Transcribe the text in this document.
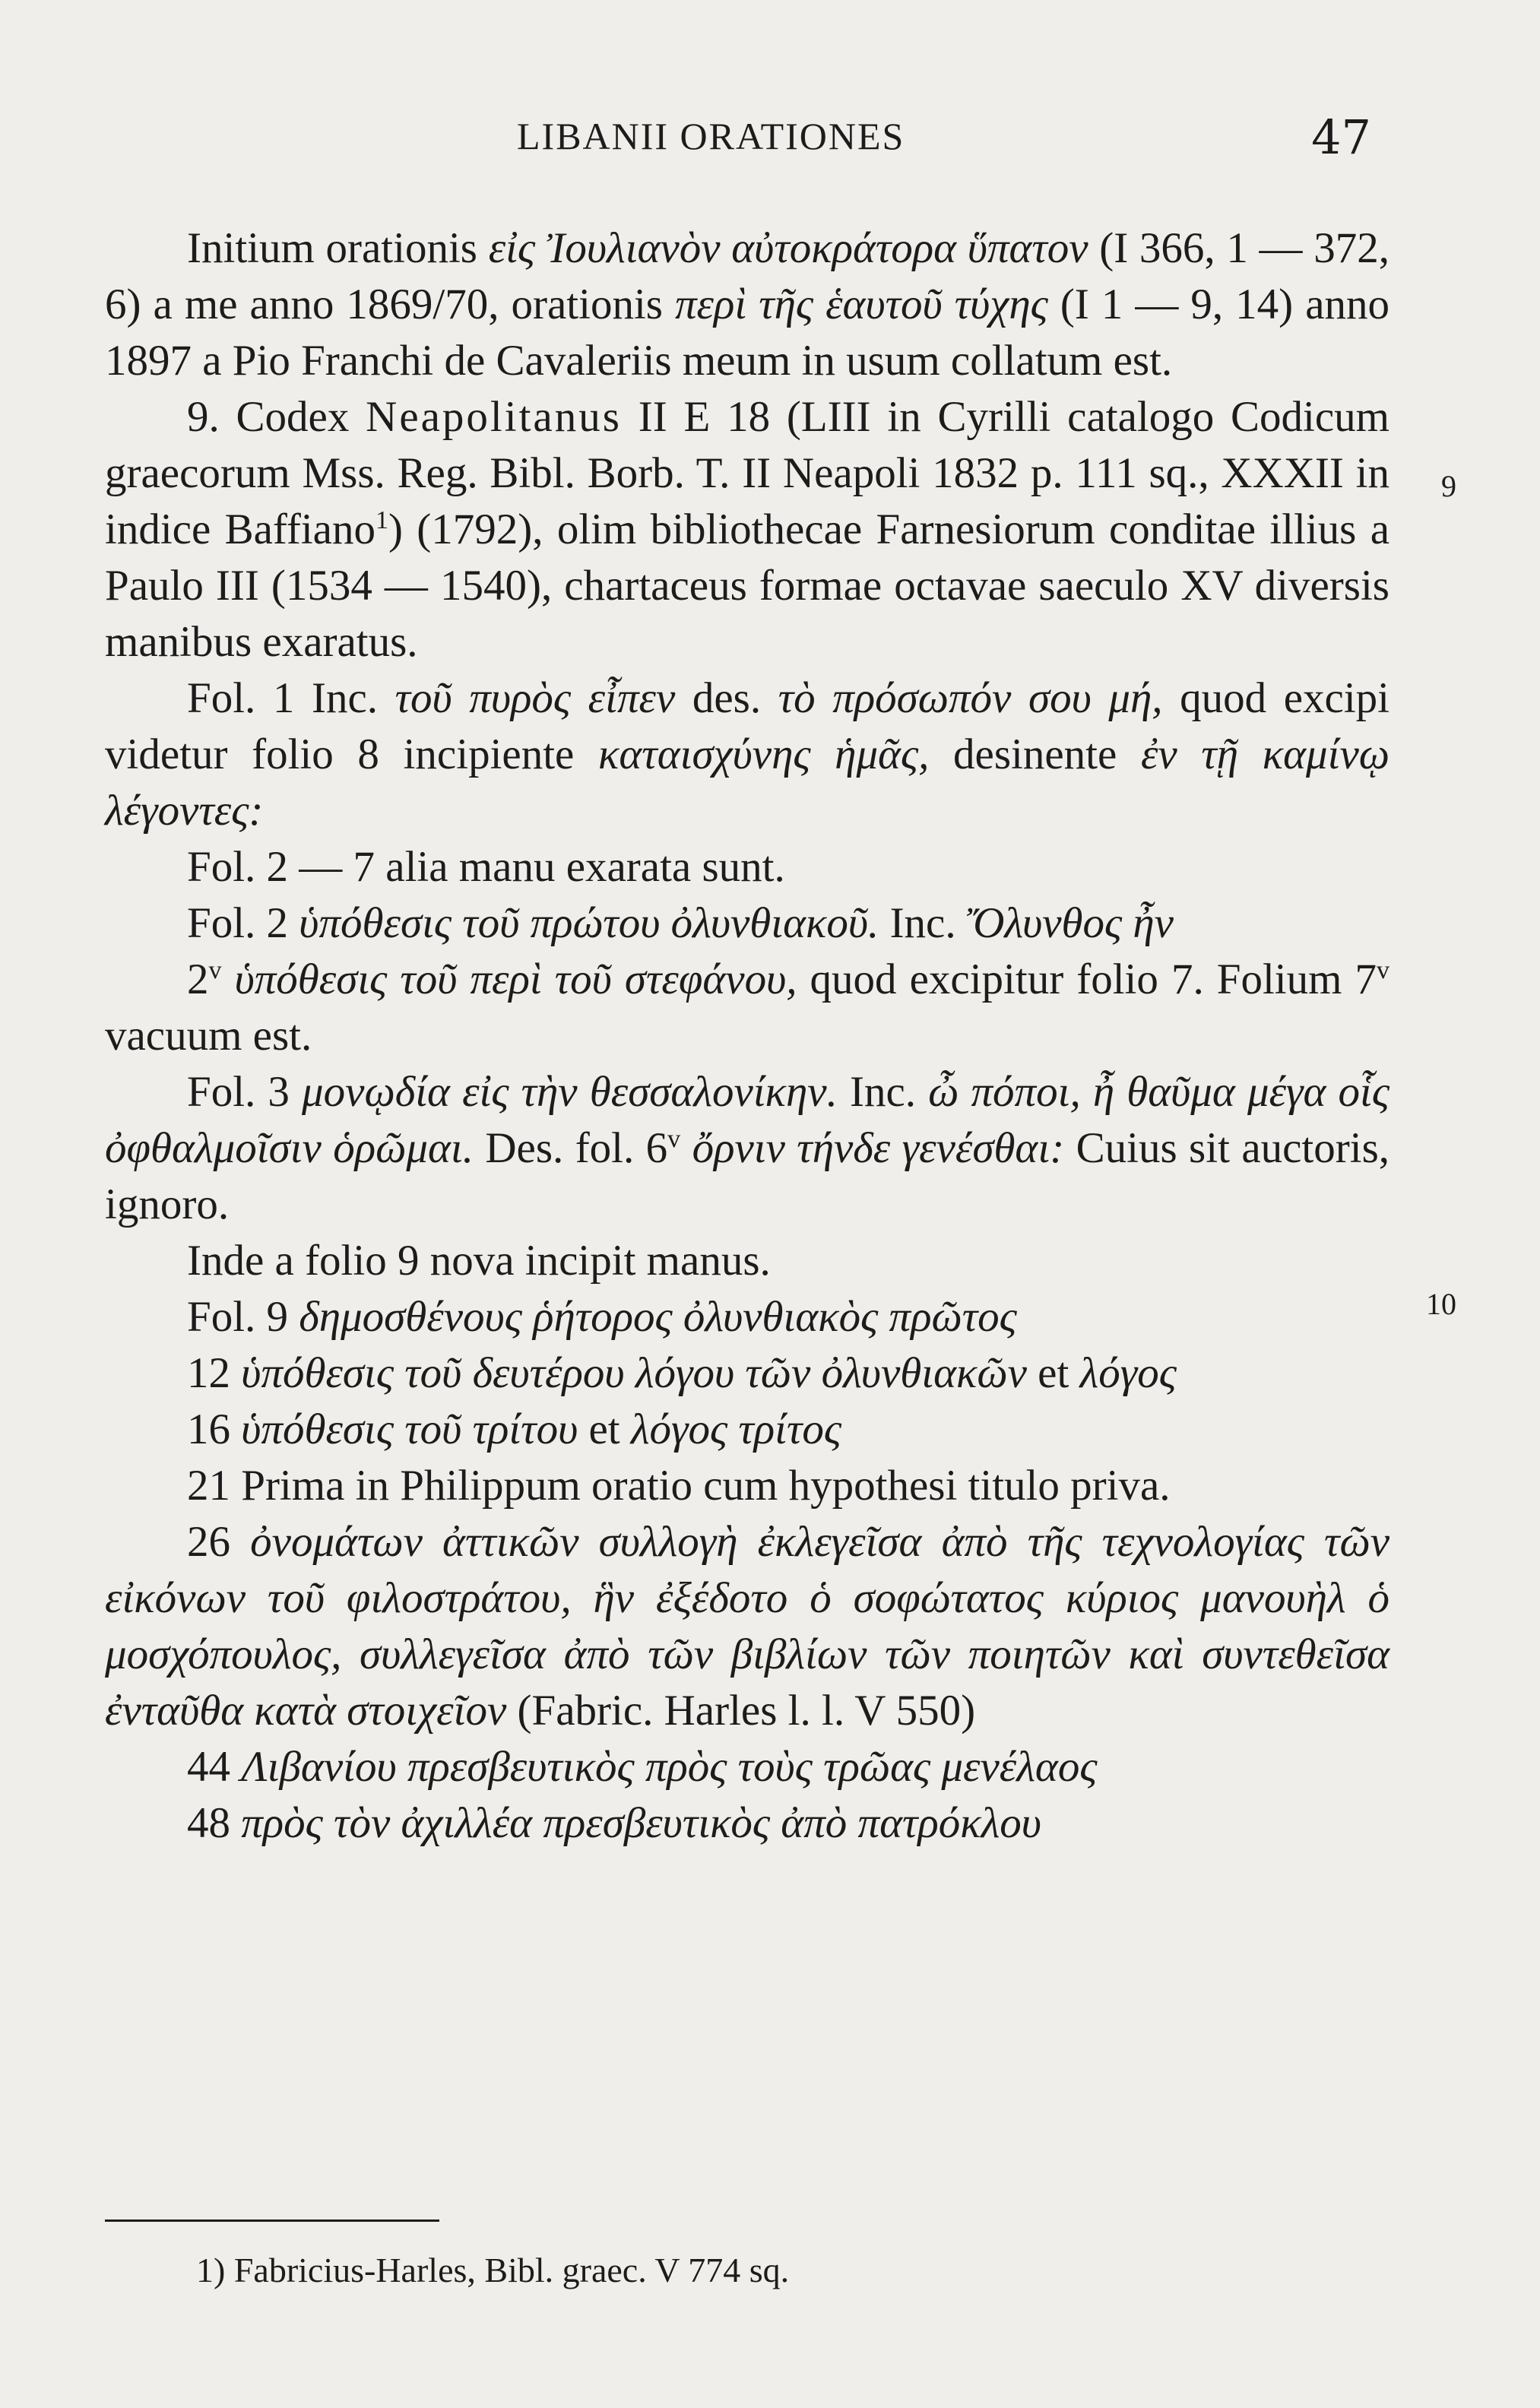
LIBANII ORATIONES	47
9
10

Initium orationis εἰς Ἰουλιανὸν αὐτοκράτορα ὕπατον (I 366, 1 — 372, 6) a me anno 1869/70, orationis περὶ τῆς ἑαυτοῦ τύχης (I 1 — 9, 14) anno 1897 a Pio Franchi de Cavaleriis meum in usum collatum est.

9. Codex Neapolitanus II E 18 (LIII in Cyrilli catalogo Codicum graecorum Mss. Reg. Bibl. Borb. T. II Neapoli 1832 p. 111 sq., XXXII in indice Baffiano$^1$) (1792), olim bibliothecae Farnesiorum conditae illius a Paulo III (1534 — 1540), chartaceus formae octavae saeculo XV diversis manibus exaratus.

Fol. 1 Inc. τοῦ πυρὸς εἶπεν des. τὸ πρόσωπόν σου μή, quod excipi videtur folio 8 incipiente καταισχύνης ἡμᾶς, desinente ἐν τῇ καμίνῳ λέγοντες:

Fol. 2 — 7 alia manu exarata sunt.

Fol. 2 ὑπόθεσις τοῦ πρώτου ὀλυνθιακοῦ. Inc. Ὄλυνθος ἦν

2$^v$ ὑπόθεσις τοῦ περὶ τοῦ στεφάνου, quod excipitur folio 7. Folium 7$^v$ vacuum est.

Fol. 3 μονῳδία εἰς τὴν θεσσαλονίκην. Inc. ὦ πόποι, ἦ θαῦμα μέγα οἷς ὀφθαλμοῖσιν ὁρῶμαι. Des. fol. 6$^v$ ὄρνιν τήνδε γενέσθαι: Cuius sit auctoris, ignoro.

Inde a folio 9 nova incipit manus.

Fol. 9 δημοσθένους ῥήτορος ὀλυνθιακὸς πρῶτος

12 ὑπόθεσις τοῦ δευτέρου λόγου τῶν ὀλυνθιακῶν et λόγος

16 ὑπόθεσις τοῦ τρίτου et λόγος τρίτος

21 Prima in Philippum oratio cum hypothesi titulo priva.

26 ὀνομάτων ἀττικῶν συλλογὴ ἐκλεγεῖσα ἀπὸ τῆς τεχνολογίας τῶν εἰκόνων τοῦ φιλοστράτου, ἣν ἐξέδοτο ὁ σοφώτατος κύριος μανουὴλ ὁ μοσχόπουλος, συλλεγεῖσα ἀπὸ τῶν βιβλίων τῶν ποιητῶν καὶ συντεθεῖσα ἐνταῦθα κατὰ στοιχεῖον (Fabric. Harles l. l. V 550)

44 Λιβανίου πρεσβευτικὸς πρὸς τοὺς τρῶας μενέλαος

48 πρὸς τὸν ἀχιλλέα πρεσβευτικὸς ἀπὸ πατρόκλου

1) Fabricius-Harles, Bibl. graec. V 774 sq.
